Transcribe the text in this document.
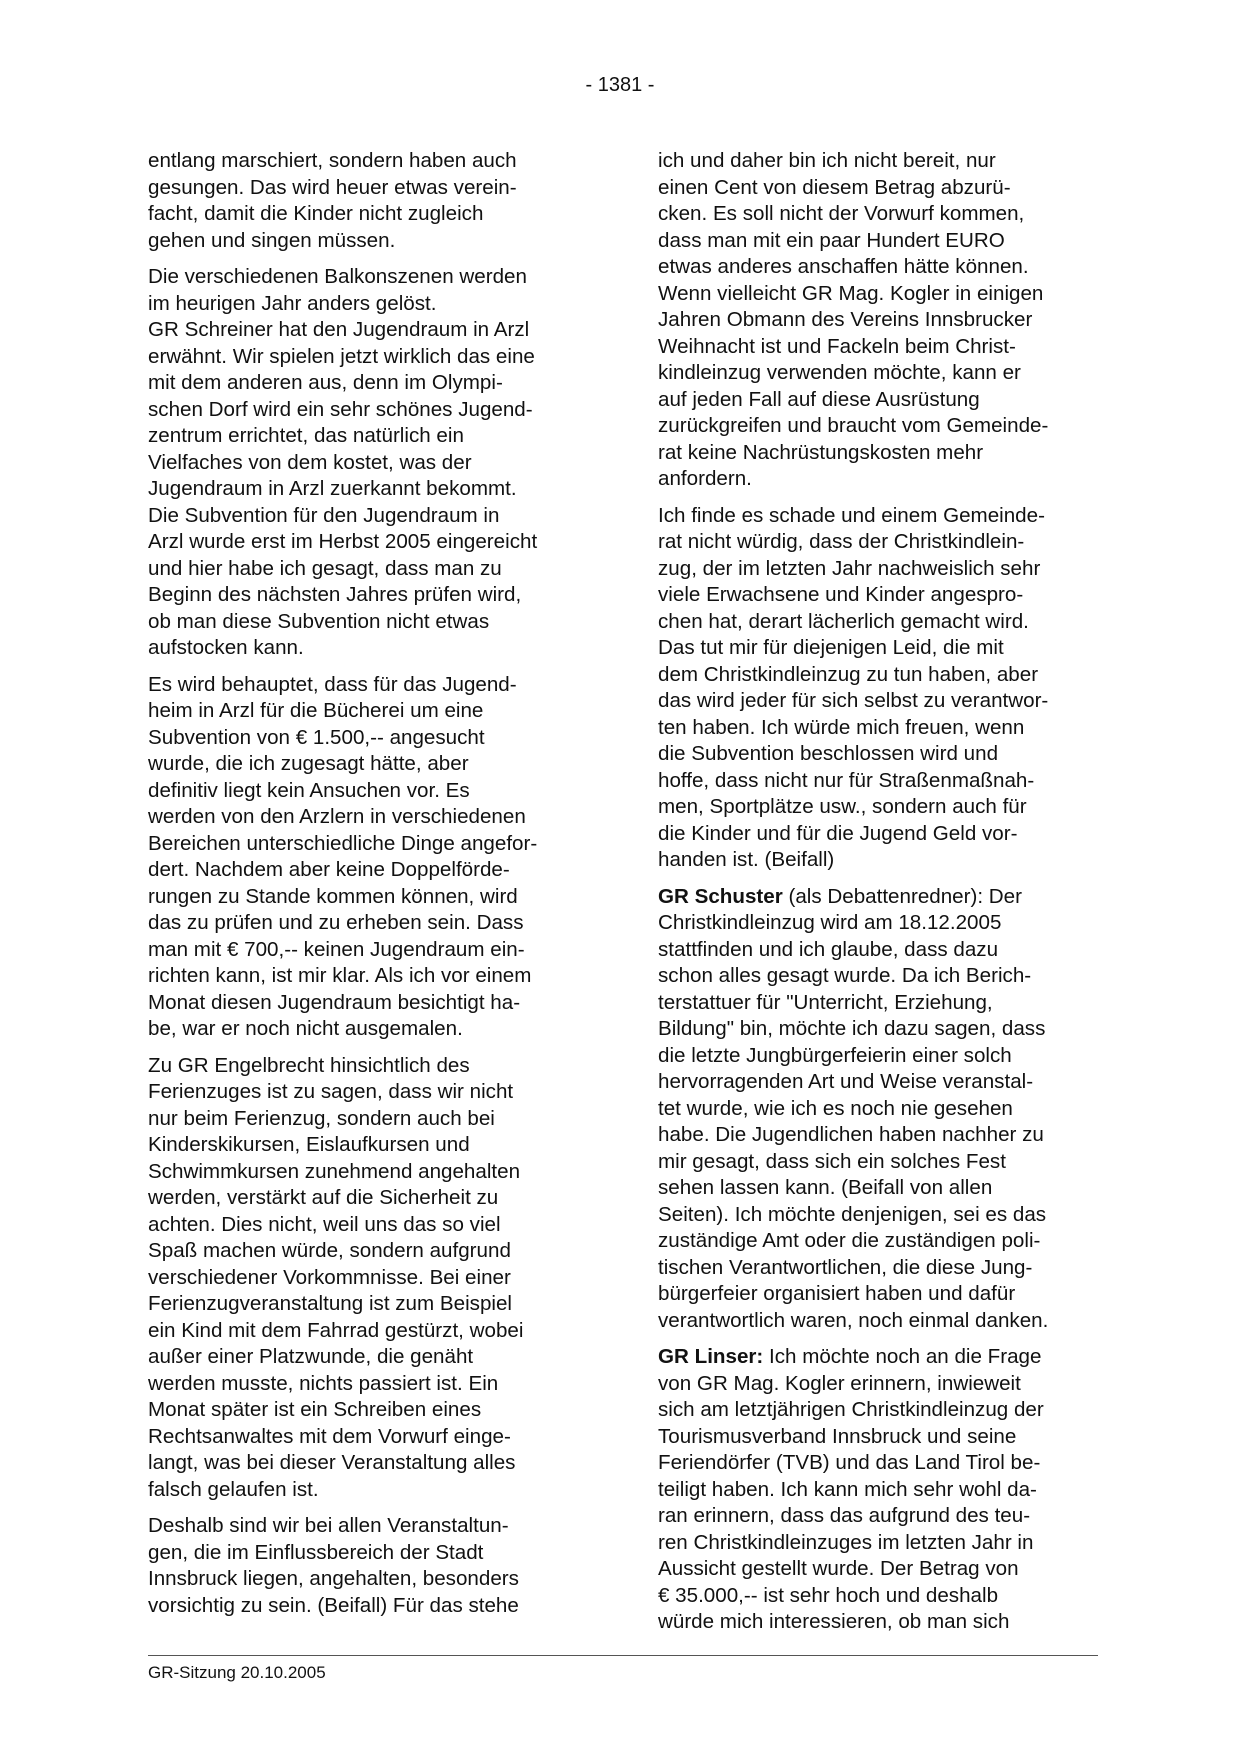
- 1381 -

entlang marschiert, sondern haben auch
gesungen. Das wird heuer etwas verein-
facht, damit die Kinder nicht zugleich
gehen und singen müssen.

Die verschiedenen Balkonszenen werden
im heurigen Jahr anders gelöst.
GR Schreiner hat den Jugendraum in Arzl
erwähnt. Wir spielen jetzt wirklich das eine
mit dem anderen aus, denn im Olympi-
schen Dorf wird ein sehr schönes Jugend-
zentrum errichtet, das natürlich ein
Vielfaches von dem kostet, was der
Jugendraum in Arzl zuerkannt bekommt.
Die Subvention für den Jugendraum in
Arzl wurde erst im Herbst 2005 eingereicht
und hier habe ich gesagt, dass man zu
Beginn des nächsten Jahres prüfen wird,
ob man diese Subvention nicht etwas
aufstocken kann.

Es wird behauptet, dass für das Jugend-
heim in Arzl für die Bücherei um eine
Subvention von € 1.500,-- angesucht
wurde, die ich zugesagt hätte, aber
definitiv liegt kein Ansuchen vor. Es
werden von den Arzlern in verschiedenen
Bereichen unterschiedliche Dinge angefor-
dert. Nachdem aber keine Doppelförde-
rungen zu Stande kommen können, wird
das zu prüfen und zu erheben sein. Dass
man mit € 700,-- keinen Jugendraum ein-
richten kann, ist mir klar. Als ich vor einem
Monat diesen Jugendraum besichtigt ha-
be, war er noch nicht ausgemalen.

Zu GR Engelbrecht hinsichtlich des
Ferienzuges ist zu sagen, dass wir nicht
nur beim Ferienzug, sondern auch bei
Kinderskikursen, Eislaufkursen und
Schwimmkursen zunehmend angehalten
werden, verstärkt auf die Sicherheit zu
achten. Dies nicht, weil uns das so viel
Spaß machen würde, sondern aufgrund
verschiedener Vorkommnisse. Bei einer
Ferienzugveranstaltung ist zum Beispiel
ein Kind mit dem Fahrrad gestürzt, wobei
außer einer Platzwunde, die genäht
werden musste, nichts passiert ist. Ein
Monat später ist ein Schreiben eines
Rechtsanwaltes mit dem Vorwurf einge-
langt, was bei dieser Veranstaltung alles
falsch gelaufen ist.

Deshalb sind wir bei allen Veranstaltun-
gen, die im Einflussbereich der Stadt
Innsbruck liegen, angehalten, besonders
vorsichtig zu sein. (Beifall) Für das stehe

ich und daher bin ich nicht bereit, nur
einen Cent von diesem Betrag abzurü-
cken. Es soll nicht der Vorwurf kommen,
dass man mit ein paar Hundert EURO
etwas anderes anschaffen hätte können.
Wenn vielleicht GR Mag. Kogler in einigen
Jahren Obmann des Vereins Innsbrucker
Weihnacht ist und Fackeln beim Christ-
kindleinzug verwenden möchte, kann er
auf jeden Fall auf diese Ausrüstung
zurückgreifen und braucht vom Gemeinde-
rat keine Nachrüstungskosten mehr
anfordern.

Ich finde es schade und einem Gemeinde-
rat nicht würdig, dass der Christkindlein-
zug, der im letzten Jahr nachweislich sehr
viele Erwachsene und Kinder angespro-
chen hat, derart lächerlich gemacht wird.
Das tut mir für diejenigen Leid, die mit
dem Christkindleinzug zu tun haben, aber
das wird jeder für sich selbst zu verantwor-
ten haben. Ich würde mich freuen, wenn
die Subvention beschlossen wird und
hoffe, dass nicht nur für Straßenmaßnah-
men, Sportplätze usw., sondern auch für
die Kinder und für die Jugend Geld vor-
handen ist. (Beifall)

GR Schuster (als Debattenredner): Der
Christkindleinzug wird am 18.12.2005
stattfinden und ich glaube, dass dazu
schon alles gesagt wurde. Da ich Berich-
terstattuer für "Unterricht, Erziehung,
Bildung" bin, möchte ich dazu sagen, dass
die letzte Jungbürgerfeierin einer solch
hervorragenden Art und Weise veranstal-
tet wurde, wie ich es noch nie gesehen
habe. Die Jugendlichen haben nachher zu
mir gesagt, dass sich ein solches Fest
sehen lassen kann. (Beifall von allen
Seiten). Ich möchte denjenigen, sei es das
zuständige Amt oder die zuständigen poli-
tischen Verantwortlichen, die diese Jung-
bürgerfeier organisiert haben und dafür
verantwortlich waren, noch einmal danken.

GR Linser: Ich möchte noch an die Frage
von GR Mag. Kogler erinnern, inwieweit
sich am letztjährigen Christkindleinzug der
Tourismusverband Innsbruck und seine
Feriendörfer (TVB) und das Land Tirol be-
teiligt haben. Ich kann mich sehr wohl da-
ran erinnern, dass das aufgrund des teu-
ren Christkindleinzuges im letzten Jahr in
Aussicht gestellt wurde. Der Betrag von
€ 35.000,-- ist sehr hoch und deshalb
würde mich interessieren, ob man sich

GR-Sitzung 20.10.2005
